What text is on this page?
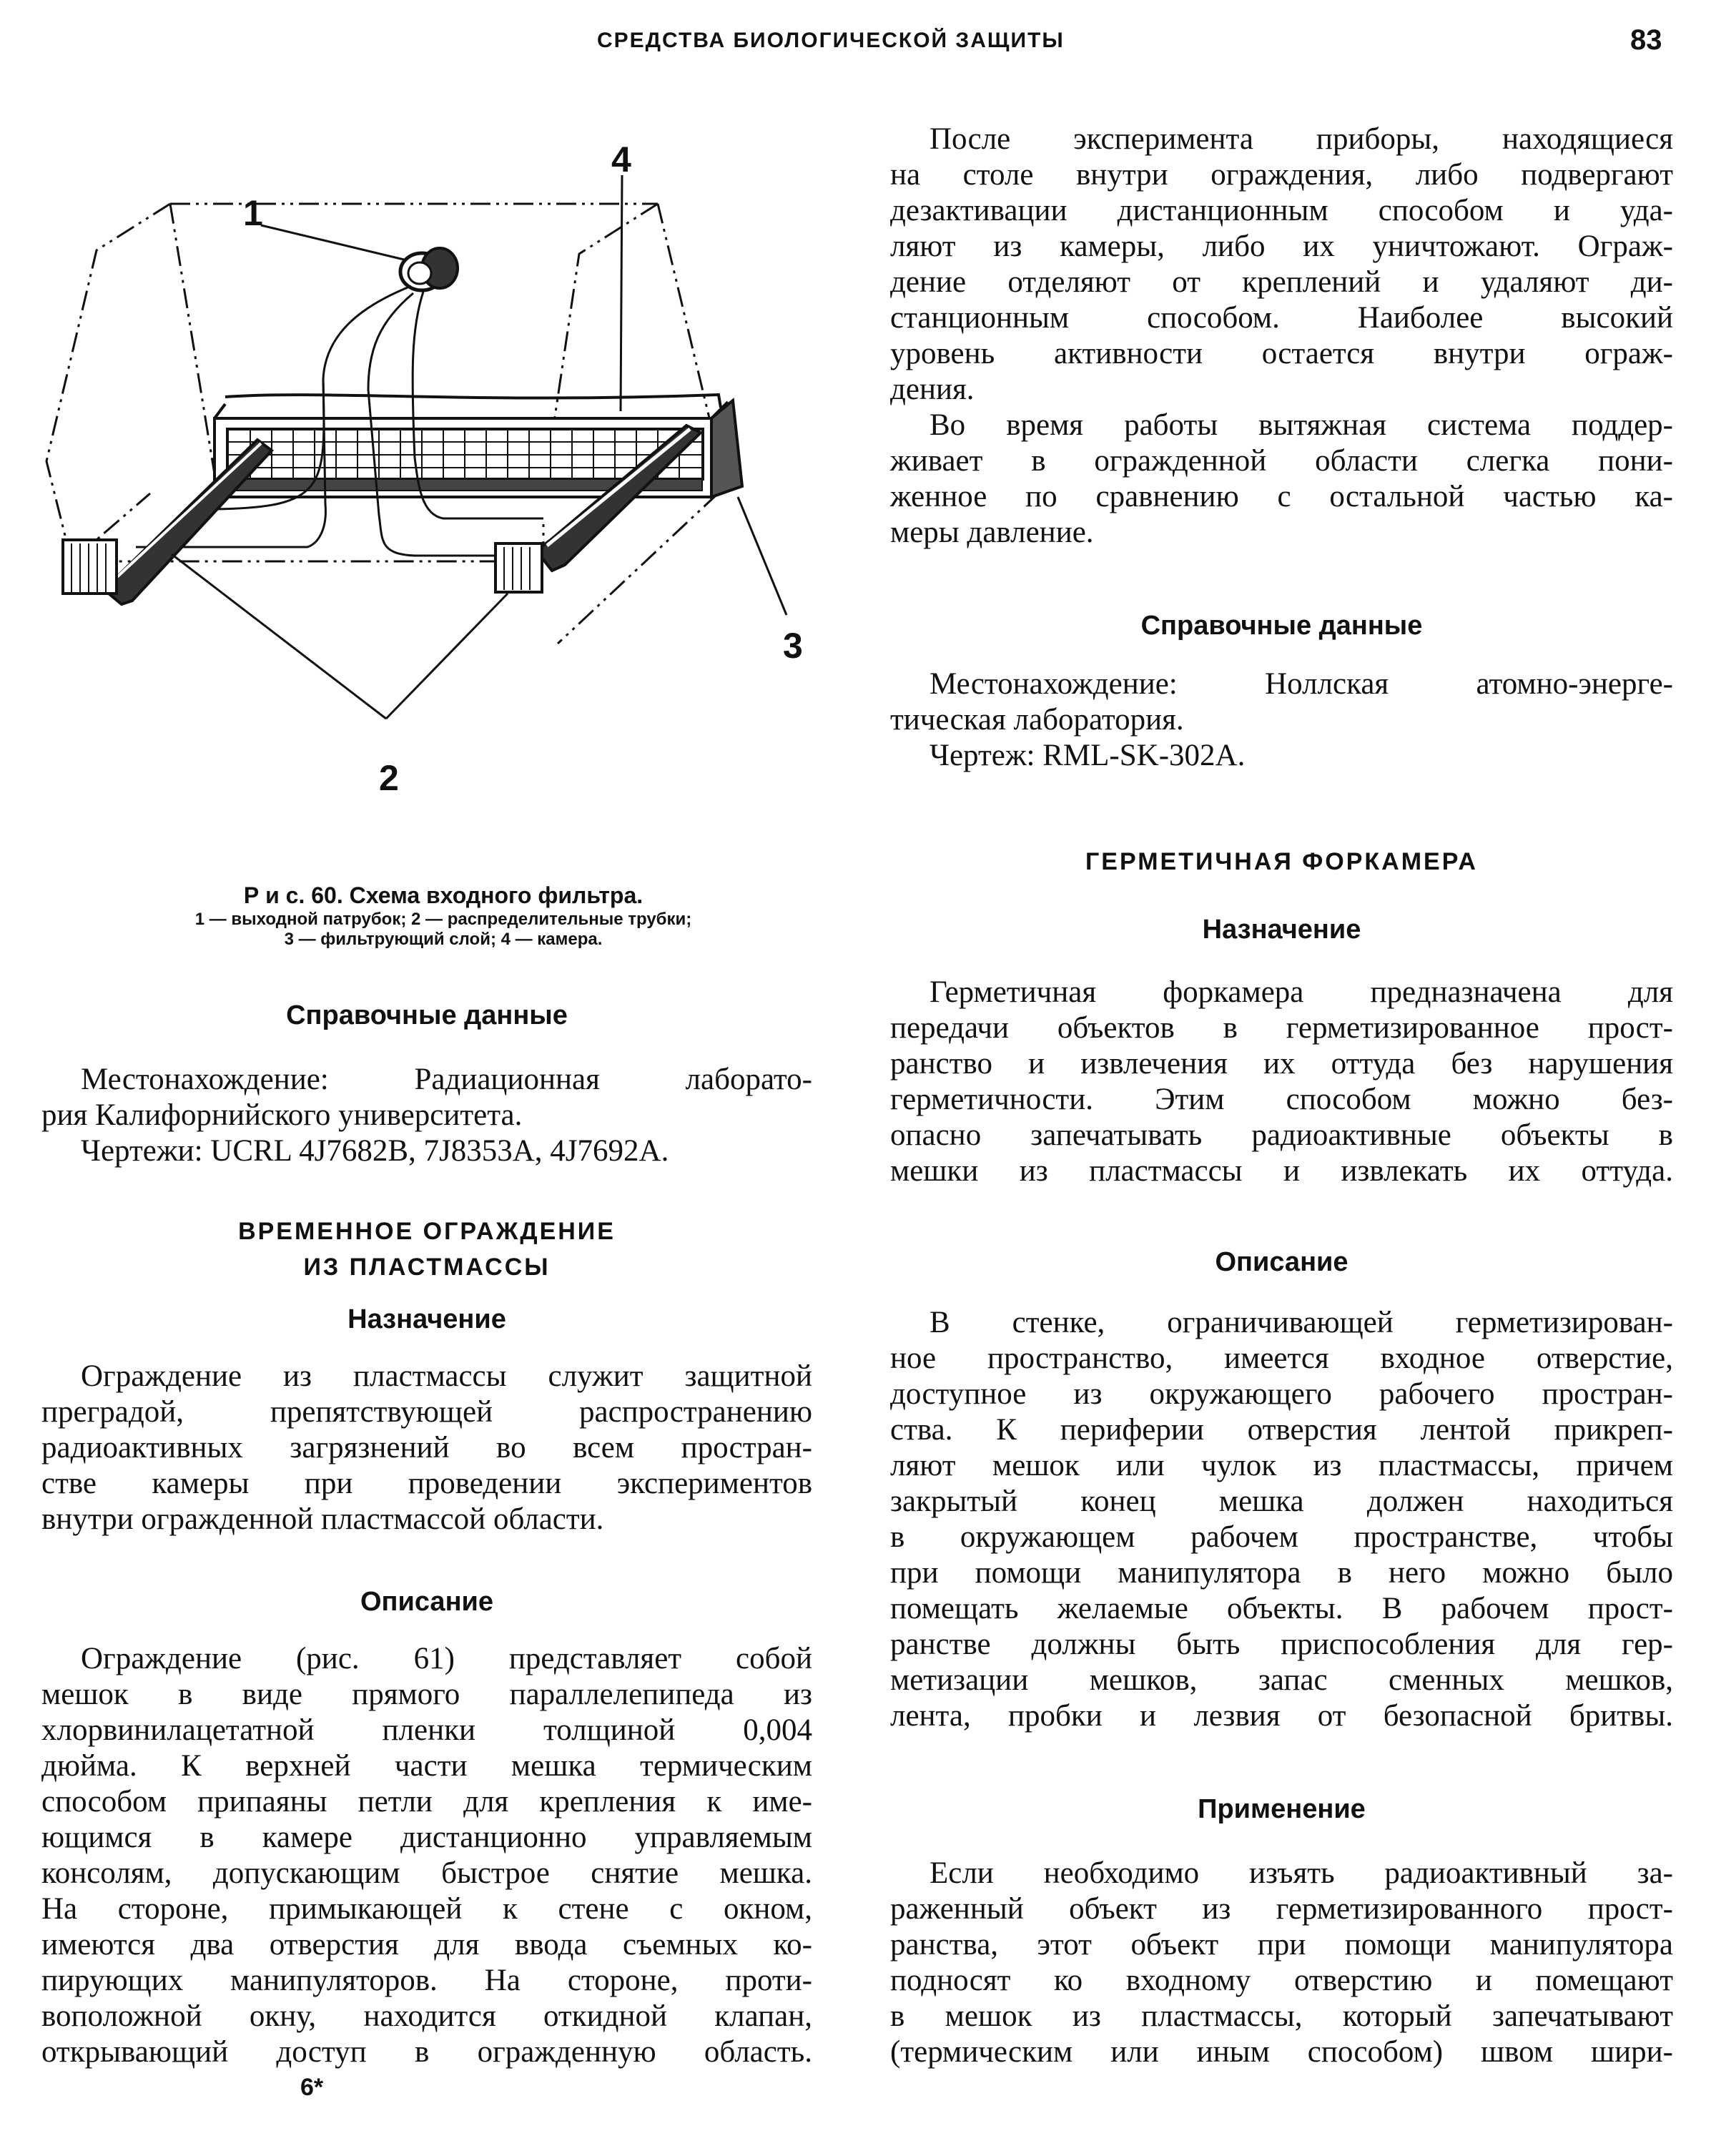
СРЕДСТВА БИОЛОГИЧЕСКОЙ ЗАЩИТЫ	83
1
2
3
4
Р и с. 60. Схема входного фильтра.
1 — выходной патрубок; 2 — распределительные трубки;
3 — фильтрующий слой; 4 — камера.
Справочные данные
Местонахождение: Радиационная лаборато-
рия Калифорнийского университета.
Чертежи: UCRL 4J7682B, 7J8353A, 4J7692A.
ВРЕМЕННОЕ ОГРАЖДЕНИЕ
ИЗ ПЛАСТМАССЫ
Назначение
Ограждение из пластмассы служит защитной
преградой, препятствующей распространению
радиоактивных загрязнений во всем простран-
стве камеры при проведении экспериментов
внутри огражденной пластмассой области.
Описание
Ограждение (рис. 61) представляет собой
мешок в виде прямого параллелепипеда из
хлорвинилацетатной пленки толщиной 0,004
дюйма. К верхней части мешка термическим
способом припаяны петли для крепления к име-
ющимся в камере дистанционно управляемым
консолям, допускающим быстрое снятие мешка.
На стороне, примыкающей к стене с окном,
имеются два отверстия для ввода съемных ко-
пирующих манипуляторов. На стороне, проти-
воположной окну, находится откидной клапан,
открывающий доступ в огражденную область.
6*
После эксперимента приборы, находящиеся
на столе внутри ограждения, либо подвергают
дезактивации дистанционным способом и уда-
ляют из камеры, либо их уничтожают. Ограж-
дение отделяют от креплений и удаляют ди-
станционным способом. Наиболее высокий
уровень активности остается внутри ограж-
дения.
Во время работы вытяжная система поддер-
живает в огражденной области слегка пони-
женное по сравнению с остальной частью ка-
меры давление.
Справочные данные
Местонахождение: Ноллская атомно-энерге-
тическая лаборатория.
Чертеж: RML-SK-302A.
ГЕРМЕТИЧНАЯ ФОРКАМЕРА
Назначение
Герметичная форкамера предназначена для
передачи объектов в герметизированное прост-
ранство и извлечения их оттуда без нарушения
герметичности. Этим способом можно без-
опасно запечатывать радиоактивные объекты в
мешки из пластмассы и извлекать их оттуда.
Описание
В стенке, ограничивающей герметизирован-
ное пространство, имеется входное отверстие,
доступное из окружающего рабочего простран-
ства. К периферии отверстия лентой прикреп-
ляют мешок или чулок из пластмассы, причем
закрытый конец мешка должен находиться
в окружающем рабочем пространстве, чтобы
при помощи манипулятора в него можно было
помещать желаемые объекты. В рабочем прост-
ранстве должны быть приспособления для гер-
метизации мешков, запас сменных мешков,
лента, пробки и лезвия от безопасной бритвы.
Применение
Если необходимо изъять радиоактивный за-
раженный объект из герметизированного прост-
ранства, этот объект при помощи манипулятора
подносят ко входному отверстию и помещают
в мешок из пластмассы, который запечатывают
(термическим или иным способом) швом шири-
